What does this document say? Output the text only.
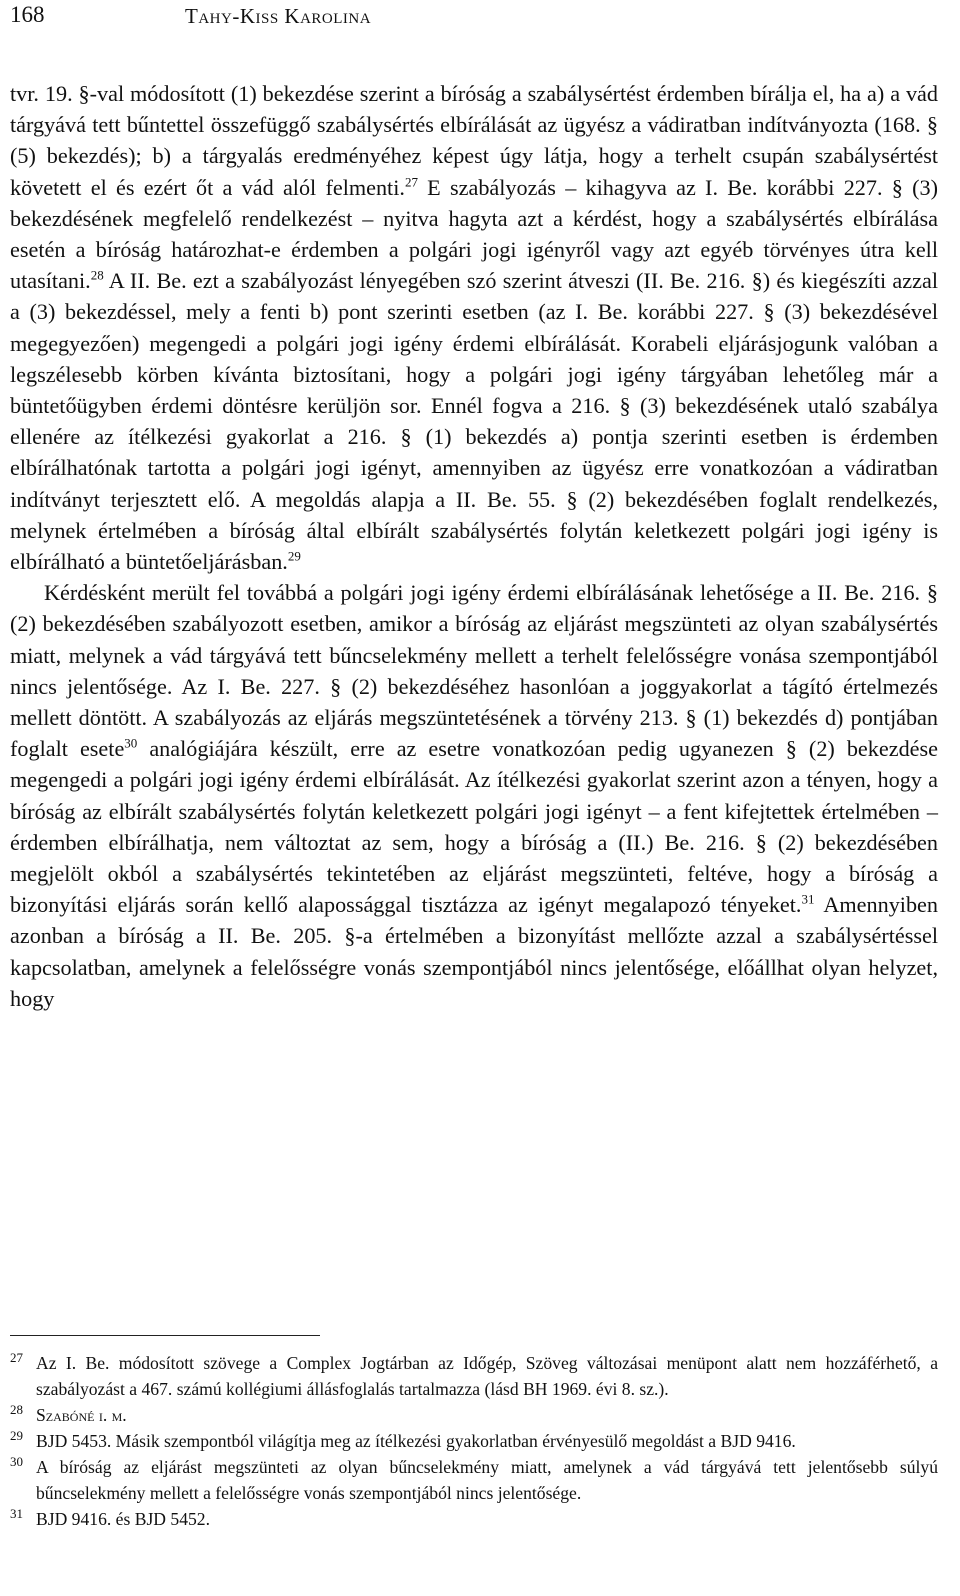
168	Tahy-Kiss Karolina

tvr. 19. §-val módosított (1) bekezdése szerint a bíróság a szabálysértést érdemben bírálja el, ha a) a vád tárgyává tett bűntettel összefüggő szabálysértés elbírálását az ügyész a vádiratban indítványozta (168. § (5) bekezdés); b) a tárgyalás eredményéhez képest úgy látja, hogy a terhelt csupán szabálysértést követett el és ezért őt a vád alól felmenti.$^{27}$ E szabályozás – kihagyva az I. Be. korábbi 227. § (3) bekezdésének megfelelő rendelkezést – nyitva hagyta azt a kérdést, hogy a szabálysértés elbírálása esetén a bíróság határozhat-e érdemben a polgári jogi igényről vagy azt egyéb törvényes útra kell utasítani.$^{28}$ A II. Be. ezt a szabályozást lényegében szó szerint átveszi (II. Be. 216. §) és kiegészíti azzal a (3) bekezdéssel, mely a fenti b) pont szerinti esetben (az I. Be. korábbi 227. § (3) bekezdésével megegyezően) megengedi a polgári jogi igény érdemi elbírálását. Korabeli eljárásjogunk valóban a legszélesebb körben kívánta biztosítani, hogy a polgári jogi igény tárgyában lehetőleg már a büntetőügyben érdemi döntésre kerüljön sor. Ennél fogva a 216. § (3) bekezdésének utaló szabálya ellenére az ítélkezési gyakorlat a 216. § (1) bekezdés a) pontja szerinti esetben is érdemben elbírálhatónak tartotta a polgári jogi igényt, amennyiben az ügyész erre vonatkozóan a vádiratban indítványt terjesztett elő. A megoldás alapja a II. Be. 55. § (2) bekezdésében foglalt rendelkezés, melynek értelmében a bíróság által elbírált szabálysértés folytán keletkezett polgári jogi igény is elbírálható a büntetőeljárásban.$^{29}$

Kérdésként merült fel továbbá a polgári jogi igény érdemi elbírálásának lehetősége a II. Be. 216. § (2) bekezdésében szabályozott esetben, amikor a bíróság az eljárást megszünteti az olyan szabálysértés miatt, melynek a vád tárgyává tett bűncselekmény mellett a terhelt felelősségre vonása szempontjából nincs jelentősége. Az I. Be. 227. § (2) bekezdéséhez hasonlóan a joggyakorlat a tágító értelmezés mellett döntött. A szabályozás az eljárás megszüntetésének a törvény 213. § (1) bekezdés d) pontjában foglalt esete$^{30}$ analógiájára készült, erre az esetre vonatkozóan pedig ugyanezen § (2) bekezdése megengedi a polgári jogi igény érdemi elbírálását. Az ítélkezési gyakorlat szerint azon a tényen, hogy a bíróság az elbírált szabálysértés folytán keletkezett polgári jogi igényt – a fent kifejtettek értelmében – érdemben elbírálhatja, nem változtat az sem, hogy a bíróság a (II.) Be. 216. § (2) bekezdésében megjelölt okból a szabálysértés tekintetében az eljárást megszünteti, feltéve, hogy a bíróság a bizonyítási eljárás során kellő alapossággal tisztázza az igényt megalapozó tényeket.$^{31}$ Amennyiben azonban a bíróság a II. Be. 205. §-a értelmében a bizonyítást mellőzte azzal a szabálysértéssel kapcsolatban, amelynek a felelősségre vonás szempontjából nincs jelentősége, előállhat olyan helyzet, hogy

27 Az I. Be. módosított szövege a Complex Jogtárban az Időgép, Szöveg változásai menüpont alatt nem hozzáférhető, a szabályozást a 467. számú kollégiumi állásfoglalás tartalmazza (lásd BH 1969. évi 8. sz.).

28 Szabóné i. m.

29 BJD 5453. Másik szempontból világítja meg az ítélkezési gyakorlatban érvényesülő megoldást a BJD 9416.

30 A bíróság az eljárást megszünteti az olyan bűncselekmény miatt, amelynek a vád tárgyává tett jelentősebb súlyú bűncselekmény mellett a felelősségre vonás szempontjából nincs jelentősége.

31 BJD 9416. és BJD 5452.
